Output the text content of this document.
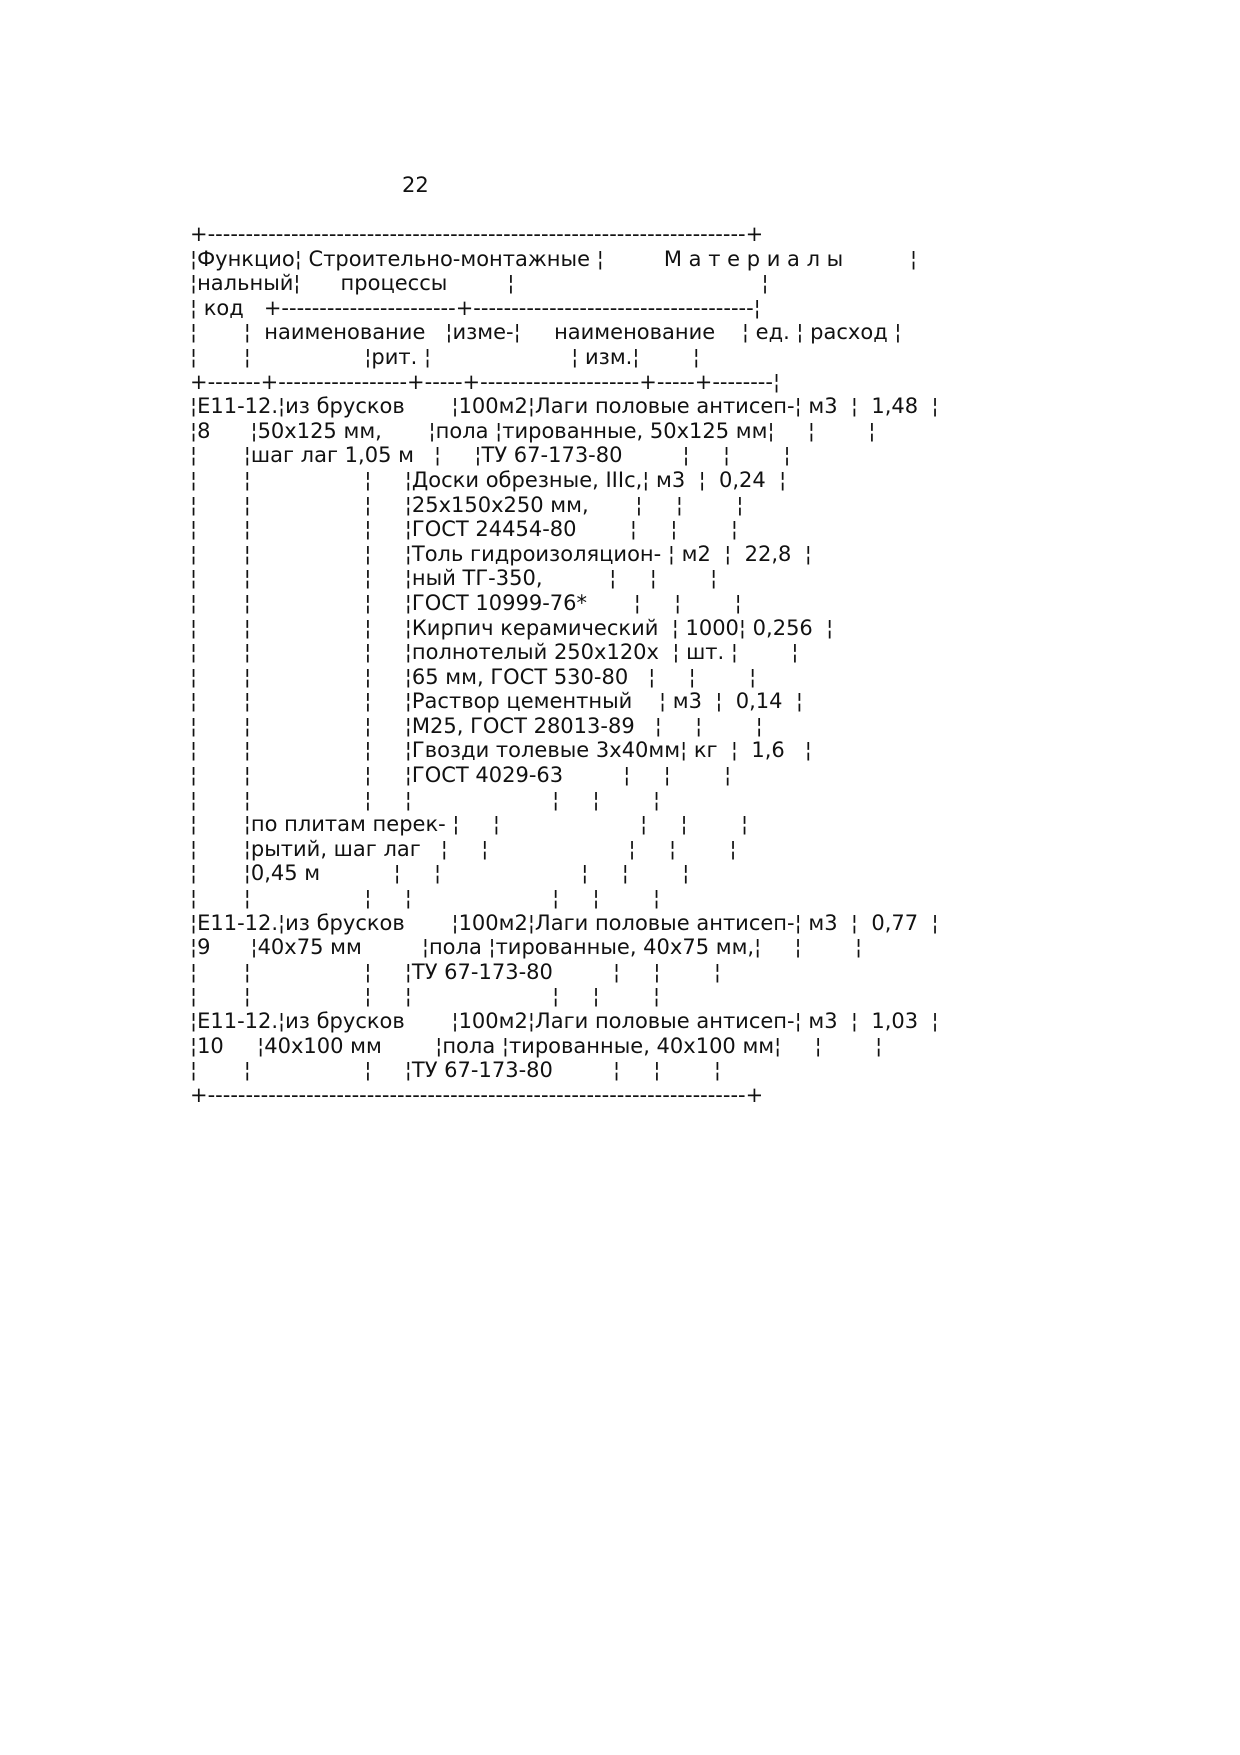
22

+-----------------------------------------------------------------------+
¦Функцио¦ Строительно-монтажные ¦         М а т е р и а л ы          ¦
¦нальный¦      процессы         ¦                                     ¦
¦ код   +-----------------------+-------------------------------------¦
¦       ¦  наименование   ¦изме-¦     наименование    ¦ ед. ¦ расход ¦
¦       ¦                 ¦рит. ¦                     ¦ изм.¦        ¦
+-------+-----------------+-----+---------------------+-----+--------¦
¦Е11-12.¦из брусков       ¦100м2¦Лаги половые антисеп-¦ м3  ¦  1,48  ¦
¦8      ¦50х125 мм,       ¦пола ¦тированные, 50х125 мм¦     ¦        ¦
¦       ¦шаг лаг 1,05 м   ¦     ¦ТУ 67-173-80         ¦     ¦        ¦
¦       ¦                 ¦     ¦Доски обрезные, IIIс,¦ м3  ¦  0,24  ¦
¦       ¦                 ¦     ¦25х150х250 мм,       ¦     ¦        ¦
¦       ¦                 ¦     ¦ГОСТ 24454-80        ¦     ¦        ¦
¦       ¦                 ¦     ¦Толь гидроизоляцион- ¦ м2  ¦  22,8  ¦
¦       ¦                 ¦     ¦ный ТГ-350,          ¦     ¦        ¦
¦       ¦                 ¦     ¦ГОСТ 10999-76*       ¦     ¦        ¦
¦       ¦                 ¦     ¦Кирпич керамический  ¦ 1000¦ 0,256  ¦
¦       ¦                 ¦     ¦полнотелый 250х120х  ¦ шт. ¦        ¦
¦       ¦                 ¦     ¦65 мм, ГОСТ 530-80   ¦     ¦        ¦
¦       ¦                 ¦     ¦Раствор цементный    ¦ м3  ¦  0,14  ¦
¦       ¦                 ¦     ¦М25, ГОСТ 28013-89   ¦     ¦        ¦
¦       ¦                 ¦     ¦Гвозди толевые 3х40мм¦ кг  ¦  1,6   ¦
¦       ¦                 ¦     ¦ГОСТ 4029-63         ¦     ¦        ¦
¦       ¦                 ¦     ¦                     ¦     ¦        ¦
¦       ¦по плитам перек- ¦     ¦                     ¦     ¦        ¦
¦       ¦рытий, шаг лаг   ¦     ¦                     ¦     ¦        ¦
¦       ¦0,45 м           ¦     ¦                     ¦     ¦        ¦
¦       ¦                 ¦     ¦                     ¦     ¦        ¦
¦Е11-12.¦из брусков       ¦100м2¦Лаги половые антисеп-¦ м3  ¦  0,77  ¦
¦9      ¦40х75 мм         ¦пола ¦тированные, 40х75 мм,¦     ¦        ¦
¦       ¦                 ¦     ¦ТУ 67-173-80         ¦     ¦        ¦
¦       ¦                 ¦     ¦                     ¦     ¦        ¦
¦Е11-12.¦из брусков       ¦100м2¦Лаги половые антисеп-¦ м3  ¦  1,03  ¦
¦10     ¦40х100 мм        ¦пола ¦тированные, 40х100 мм¦     ¦        ¦
¦       ¦                 ¦     ¦ТУ 67-173-80         ¦     ¦        ¦
+-----------------------------------------------------------------------+
